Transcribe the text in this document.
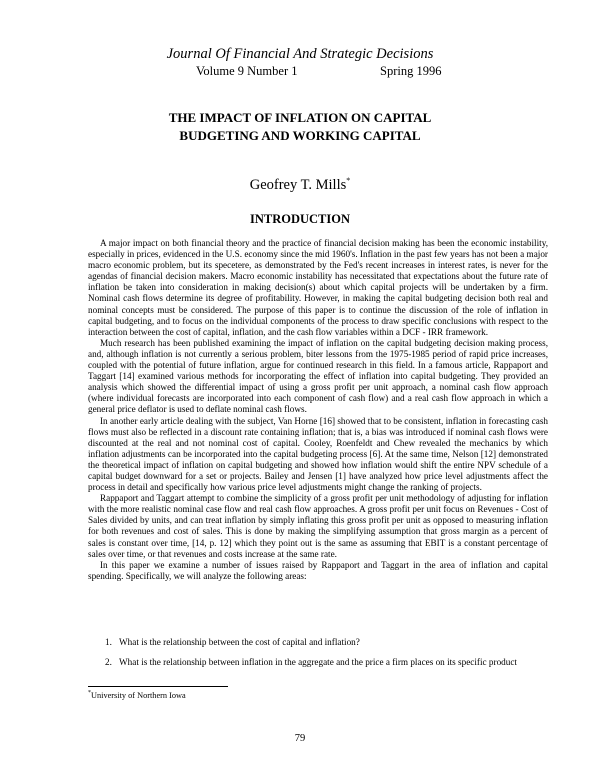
Journal Of Financial And Strategic Decisions
Volume 9 Number 1	Spring 1996
THE IMPACT OF INFLATION ON CAPITAL
BUDGETING AND WORKING CAPITAL
Geofrey T. Mills*
INTRODUCTION

A major impact on both financial theory and the practice of financial decision making has been the economic instability, especially in prices, evidenced in the U.S. economy since the mid 1960's. Inflation in the past few years has not been a major macro economic problem, but its specetere, as demonstrated by the Fed's recent increases in interest rates, is never for the agendas of financial decision makers. Macro economic instability has necessitated that expectations about the future rate of inflation be taken into consideration in making decision(s) about which capital projects will be undertaken by a firm. Nominal cash flows determine its degree of profitability. However, in making the capital budgeting decision both real and nominal concepts must be considered. The purpose of this paper is to continue the discussion of the role of inflation in capital budgeting, and to focus on the individual components of the process to draw specific conclusions with respect to the interaction between the cost of capital, inflation, and the cash flow variables within a DCF - IRR framework.

Much research has been published examining the impact of inflation on the capital budgeting decision making process, and, although inflation is not currently a serious problem, biter lessons from the 1975-1985 period of rapid price increases, coupled with the potential of future inflation, argue for continued research in this field. In a famous article, Rappaport and Taggart [14] examined various methods for incorporating the effect of inflation into capital budgeting. They provided an analysis which showed the differential impact of using a gross profit per unit approach, a nominal cash flow approach (where individual forecasts are incorporated into each component of cash flow) and a real cash flow approach in which a general price deflator is used to deflate nominal cash flows.

In another early article dealing with the subject, Van Horne [16] showed that to be consistent, inflation in forecasting cash flows must also be reflected in a discount rate containing inflation; that is, a bias was introduced if nominal cash flows were discounted at the real and not nominal cost of capital. Cooley, Roenfeldt and Chew revealed the mechanics by which inflation adjustments can be incorporated into the capital budgeting process [6]. At the same time, Nelson [12] demonstrated the theoretical impact of inflation on capital budgeting and showed how inflation would shift the entire NPV schedule of a capital budget downward for a set or projects. Bailey and Jensen [1] have analyzed how price level adjustments affect the process in detail and specifically how various price level adjustments might change the ranking of projects.

Rappaport and Taggart attempt to combine the simplicity of a gross profit per unit methodology of adjusting for inflation with the more realistic nominal case flow and real cash flow approaches. A gross profit per unit focus on Revenues - Cost of Sales divided by units, and can treat inflation by simply inflating this gross profit per unit as opposed to measuring inflation for both revenues and cost of sales. This is done by making the simplifying assumption that gross margin as a percent of sales is constant over time, [14, p. 12] which they point out is the same as assuming that EBIT is a constant percentage of sales over time, or that revenues and costs increase at the same rate.

In this paper we examine a number of issues raised by Rappaport and Taggart in the area of inflation and capital spending. Specifically, we will analyze the following areas:

1. What is the relationship between the cost of capital and inflation?
2. What is the relationship between inflation in the aggregate and the price a firm places on its specific product
*University of Northern Iowa
79
